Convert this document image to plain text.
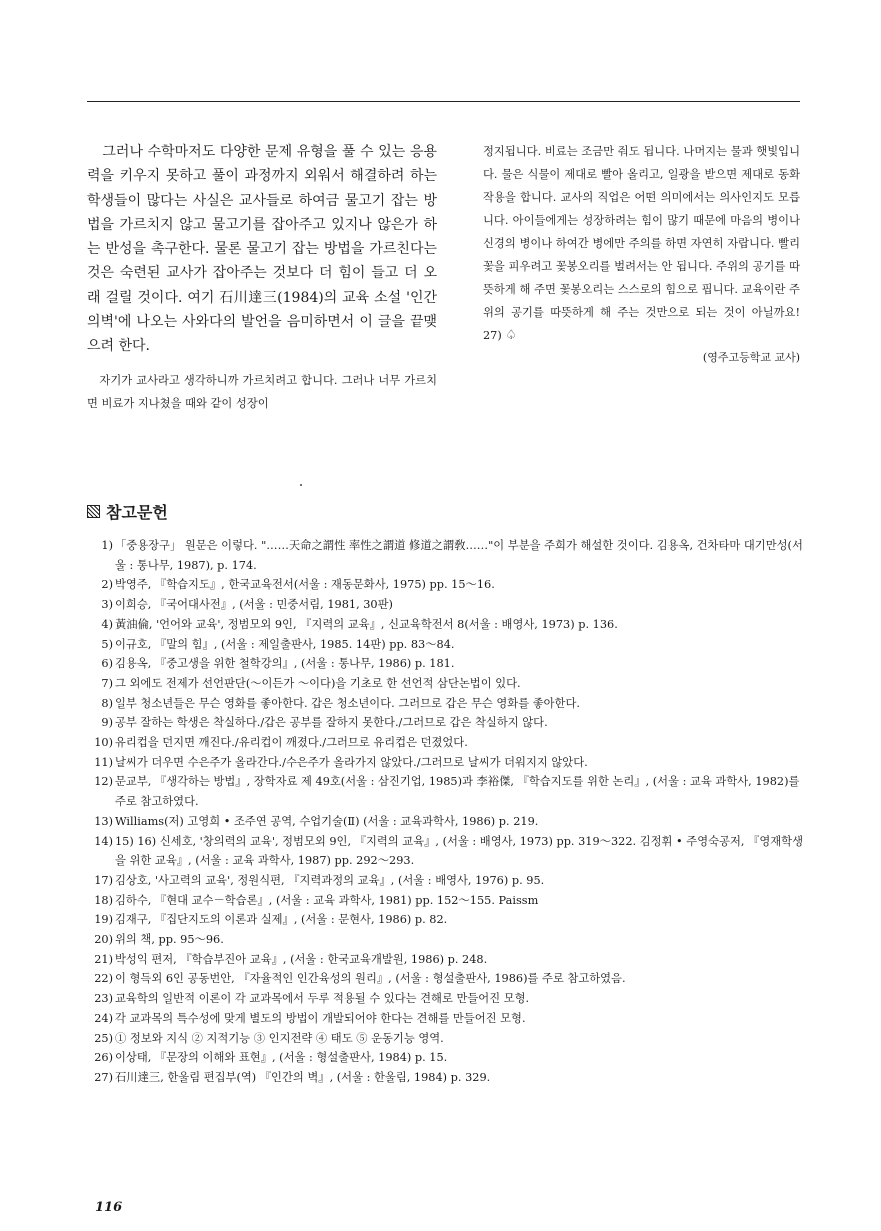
그러나 수학마저도 다양한 문제 유형을 풀 수 있는 응용력을 키우지 못하고 풀이 과정까지 외워서 해결하려 하는 학생들이 많다는 사실은 교사들로 하여금 물고기 잡는 방법을 가르치지 않고 물고기를 잡아주고 있지나 않은가 하는 반성을 촉구한다. 물론 물고기 잡는 방법을 가르친다는 것은 숙련된 교사가 잡아주는 것보다 더 힘이 들고 더 오래 걸릴 것이다. 여기 石川達三(1984)의 교육 소설 '인간의벽'에 나오는 사와다의 발언을 음미하면서 이 글을 끝맺으려 한다.

자기가 교사라고 생각하니까 가르치려고 합니다. 그러나 너무 가르치면 비료가 지나쳤을 때와 같이 성장이

정지됩니다. 비료는 조금만 줘도 됩니다. 나머지는 물과 햇빛입니다. 물은 식물이 제대로 빨아 올리고, 일광을 받으면 제대로 동화 작용을 합니다. 교사의 직업은 어떤 의미에서는 의사인지도 모릅니다. 아이들에게는 성장하려는 힘이 많기 때문에 마음의 병이나 신경의 병이나 하여간 병에만 주의를 하면 자연히 자랍니다. 빨리 꽃을 피우려고 꽃봉오리를 벌려서는 안 됩니다. 주위의 공기를 따뜻하게 해 주면 꽃봉오리는 스스로의 힘으로 핍니다. 교육이란 주위의 공기를 따뜻하게 해 주는 것만으로 되는 것이 아닐까요! 27) ♤

(영주고등학교 교사)

참고문헌
1) 「중용장구」 원문은 이렇다. "……天命之謂性 率性之謂道 修道之謂敎……"이 부분을 주희가 해설한 것이다. 김용옥, 건차타마 대기만성(서울 : 통나무, 1987), p. 174.
2) 박영주, 『학습지도』, 한국교육전서(서울 : 재동문화사, 1975) pp. 15～16.
3) 이희승, 『국어대사전』, (서울 : 민중서림, 1981, 30판)
4) 黃油倫, '언어와 교육', 정범모외 9인, 『지력의 교육』, 신교육학전서 8(서울 : 배영사, 1973) p. 136.
5) 이규호, 『말의 힘』, (서울 : 제일출판사, 1985. 14판) pp. 83～84.
6) 김용옥, 『중고생을 위한 철학강의』, (서울 : 통나무, 1986) p. 181.
7) 그 외에도 전제가 선언판단(～이든가 ～이다)을 기초로 한 선언적 삼단논법이 있다.
8) 일부 청소년들은 무슨 영화를 좋아한다. 갑은 청소년이다. 그러므로 갑은 무슨 영화를 좋아한다.
9) 공부 잘하는 학생은 착실하다./갑은 공부를 잘하지 못한다./그러므로 갑은 착실하지 않다.
10) 유리컵을 던지면 깨진다./유리컵이 깨졌다./그러므로 유리컵은 던졌었다.
11) 날씨가 더우면 수은주가 올라간다./수은주가 올라가지 않았다./그러므로 날씨가 더워지지 않았다.
12) 문교부, 『생각하는 방법』, 장학자료 제 49호(서울 : 삼진기업, 1985)과 李裕傑, 『학습지도를 위한 논리』, (서울 : 교육 과학사, 1982)를 주로 참고하였다.
13) Williams(저) 고영희 • 조주연 공역, 수업기술(Ⅱ) (서울 : 교육과학사, 1986) p. 219.
14) 15) 16) 신세호, '창의력의 교육', 정범모외 9인, 『지력의 교육』, (서울 : 배영사, 1973) pp. 319～322. 김정휘 • 주영숙공저, 『영재학생을 위한 교육』, (서울 : 교육 과학사, 1987) pp. 292～293.
17) 김상호, '사고력의 교육', 정원식편, 『지력과정의 교육』, (서울 : 배영사, 1976) p. 95.
18) 김하수, 『현대 교수－학습론』, (서울 : 교육 과학사, 1981) pp. 152～155. Paissm
19) 김재구, 『집단지도의 이론과 실제』, (서울 : 문현사, 1986) p. 82.
20) 위의 책, pp. 95～96.
21) 박성익 편저, 『학습부진아 교육』, (서울 : 한국교육개발원, 1986) p. 248.
22) 이 형득외 6인 공동번안, 『자율적인 인간육성의 원리』, (서울 : 형설출판사, 1986)를 주로 참고하였음.
23) 교육학의 일반적 이론이 각 교과목에서 두루 적용될 수 있다는 견해로 만들어진 모형.
24) 각 교과목의 특수성에 맞게 별도의 방법이 개발되어야 한다는 견해를 만들어진 모형.
25) ① 정보와 지식 ② 지적기능 ③ 인지전략 ④ 태도 ⑤ 운동기능 영역.
26) 이상태, 『문장의 이해와 표현』, (서울 : 형설출판사, 1984) p. 15.
27) 石川達三, 한울림 편집부(역) 『인간의 벽』, (서울 : 한울림, 1984) p. 329.
116
